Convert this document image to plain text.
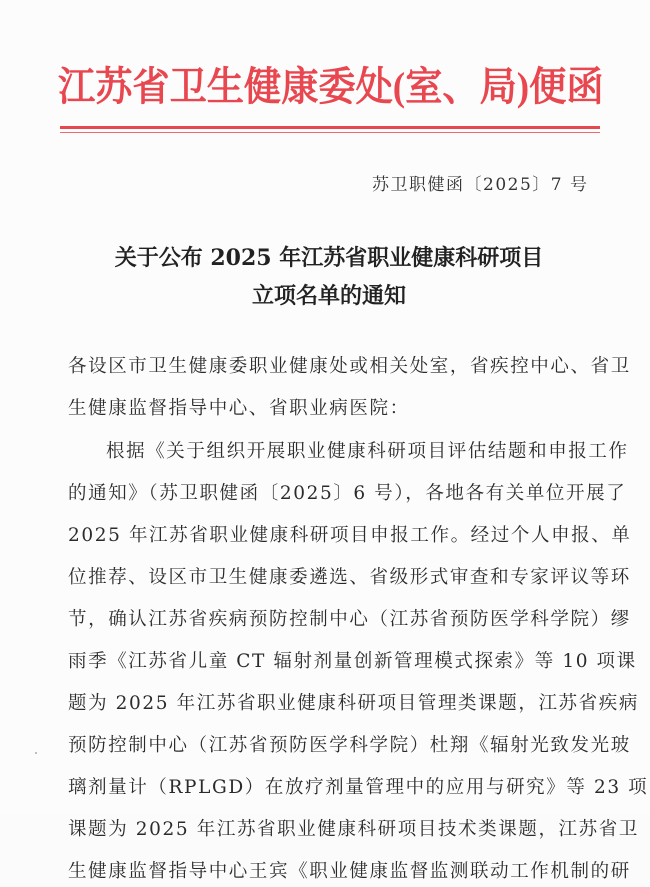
江苏省卫生健康委处(室、局)便函
苏卫职健函〔2025〕7 号
关于公布 2025 年江苏省职业健康科研项目
立项名单的通知
各设区市卫生健康委职业健康处或相关处室，省疾控中心、省卫
生健康监督指导中心、省职业病医院：
根据《关于组织开展职业健康科研项目评估结题和申报工作
的通知》（苏卫职健函〔2025〕6 号），各地各有关单位开展了
2025 年江苏省职业健康科研项目申报工作。经过个人申报、单
位推荐、设区市卫生健康委遴选、省级形式审查和专家评议等环
节，确认江苏省疾病预防控制中心（江苏省预防医学科学院）缪
雨季《江苏省儿童 CT 辐射剂量创新管理模式探索》等 10 项课
题为 2025 年江苏省职业健康科研项目管理类课题，江苏省疾病
预防控制中心（江苏省预防医学科学院）杜翔《辐射光致发光玻
璃剂量计（RPLGD）在放疗剂量管理中的应用与研究》等 23 项
课题为 2025 年江苏省职业健康科研项目技术类课题，江苏省卫
生健康监督指导中心王宾《职业健康监督监测联动工作机制的研
